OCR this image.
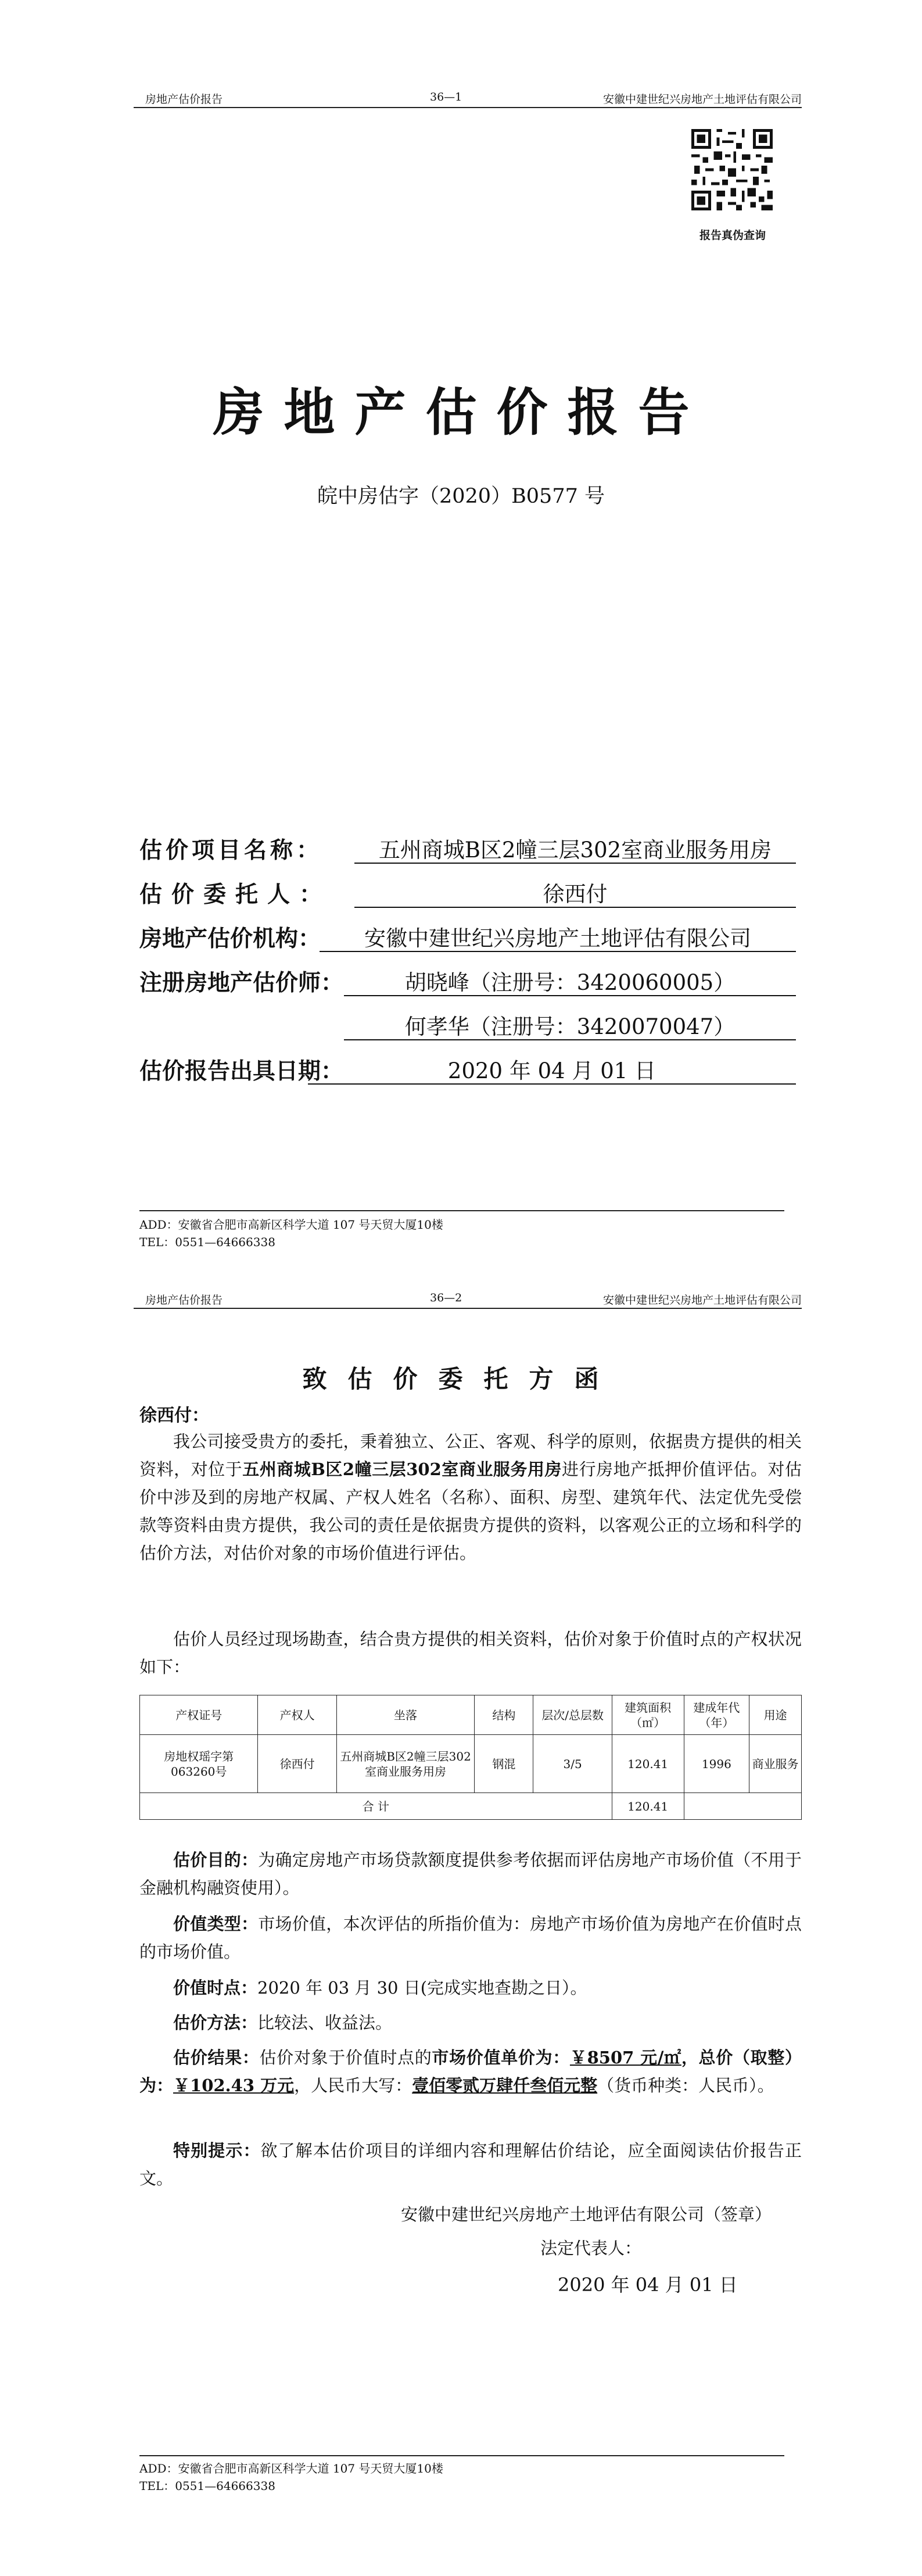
房地产估价报告	36—1	安徽中建世纪兴房地产土地评估有限公司
报告真伪查询
房地产估价报告
皖中房估字（2020）B0577 号
估价项目名称：	五州商城B区2幢三层302室商业服务用房
估价委托人：	徐西付
房地产估价机构：	安徽中建世纪兴房地产土地评估有限公司
注册房地产估价师：	胡晓峰（注册号：3420060005）
何孝华（注册号：3420070047）
估价报告出具日期：	2020 年 04 月 01 日
ADD：安徽省合肥市高新区科学大道 107 号天贸大厦10楼
TEL：0551—64666338
房地产估价报告	36—2	安徽中建世纪兴房地产土地评估有限公司
致估价委托方函
徐西付：
我公司接受贵方的委托，秉着独立、公正、客观、科学的原则，依据贵方提供的相关资料，对位于五州商城B区2幢三层302室商业服务用房进行房地产抵押价值评估。对估价中涉及到的房地产权属、产权人姓名（名称）、面积、房型、建筑年代、法定优先受偿款等资料由贵方提供，我公司的责任是依据贵方提供的资料，以客观公正的立场和科学的估价方法，对估价对象的市场价值进行评估。
估价人员经过现场勘查，结合贵方提供的相关资料，估价对象于价值时点的产权状况如下：
产权证号	产权人	坐落	结构	层次/总层数	建筑面积（㎡）	建成年代（年）	用途
房地权瑶字第063260号	徐西付	五州商城B区2幢三层302室商业服务用房	钢混	3/5	120.41	1996	商业服务
合 计					120.41		
估价目的：为确定房地产市场贷款额度提供参考依据而评估房地产市场价值（不用于金融机构融资使用）。
价值类型：市场价值，本次评估的所指价值为：房地产市场价值为房地产在价值时点的市场价值。
价值时点：2020 年 03 月 30 日(完成实地查勘之日）。
估价方法：比较法、收益法。
估价结果：估价对象于价值时点的市场价值单价为：￥8507 元/㎡，总价（取整）为：￥102.43 万元，人民币大写：壹佰零贰万肆仟叁佰元整（货币种类：人民币）。
特别提示：欲了解本估价项目的详细内容和理解估价结论，应全面阅读估价报告正文。
安徽中建世纪兴房地产土地评估有限公司（签章）
法定代表人：
2020 年 04 月 01 日
ADD：安徽省合肥市高新区科学大道 107 号天贸大厦10楼
TEL：0551—64666338
